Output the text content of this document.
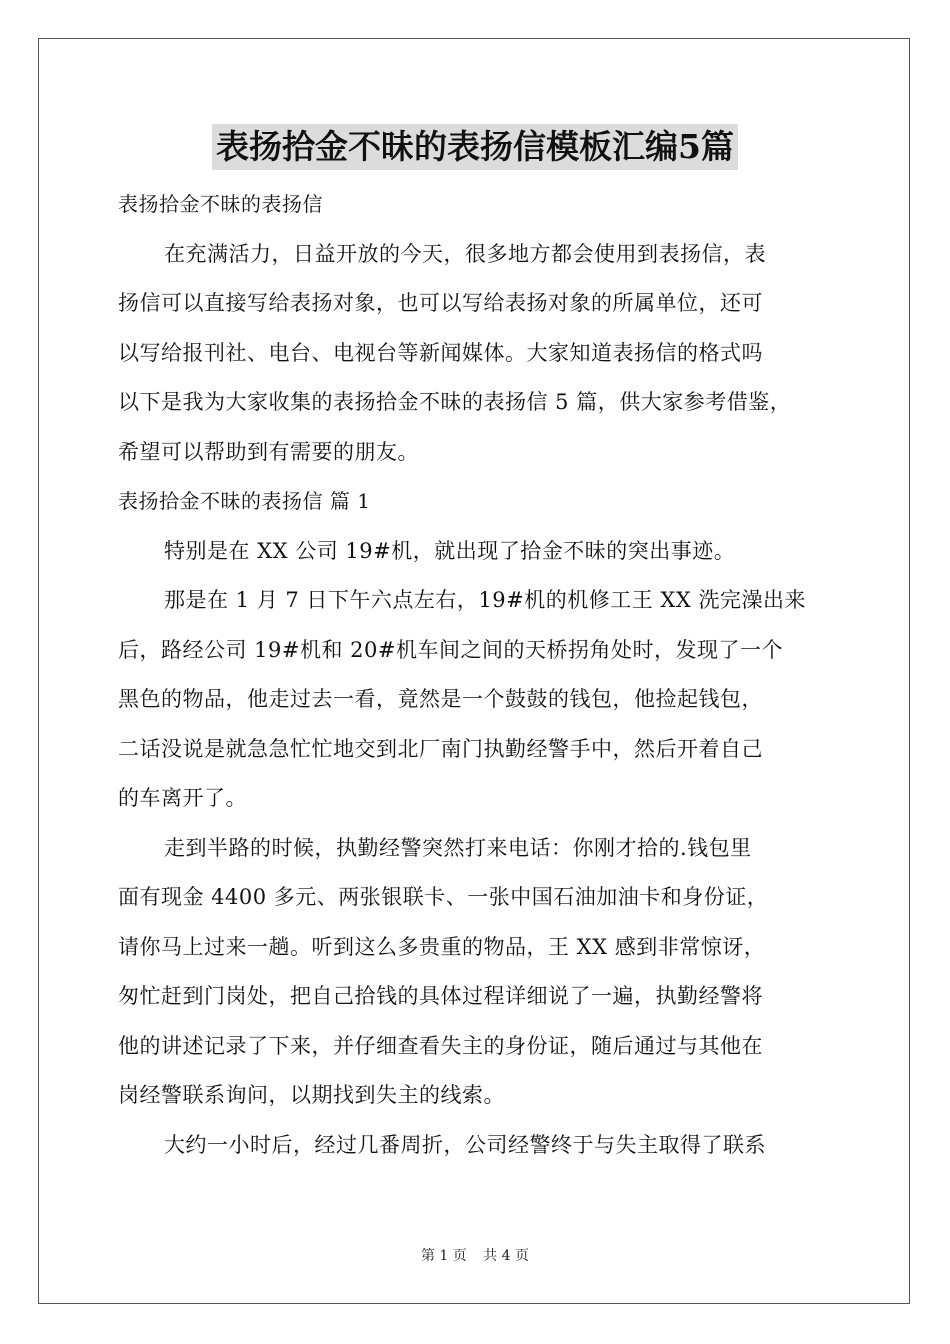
表扬拾金不昧的表扬信模板汇编5篇
表扬拾金不昧的表扬信
在充满活力，日益开放的今天，很多地方都会使用到表扬信，表
扬信可以直接写给表扬对象，也可以写给表扬对象的所属单位，还可
以写给报刊社、电台、电视台等新闻媒体。大家知道表扬信的格式吗
以下是我为大家收集的表扬拾金不昧的表扬信 5 篇，供大家参考借鉴，
希望可以帮助到有需要的朋友。
表扬拾金不昧的表扬信 篇 1
特别是在 XX 公司 19#机，就出现了拾金不昧的突出事迹。
那是在 1 月 7 日下午六点左右，19#机的机修工王 XX 洗完澡出来
后，路经公司 19#机和 20#机车间之间的天桥拐角处时，发现了一个
黑色的物品，他走过去一看，竟然是一个鼓鼓的钱包，他捡起钱包，
二话没说是就急急忙忙地交到北厂南门执勤经警手中，然后开着自己
的车离开了。
走到半路的时候，执勤经警突然打来电话：你刚才拾的.钱包里
面有现金 4400 多元、两张银联卡、一张中国石油加油卡和身份证，
请你马上过来一趟。听到这么多贵重的物品，王 XX 感到非常惊讶，
匆忙赶到门岗处，把自己拾钱的具体过程详细说了一遍，执勤经警将
他的讲述记录了下来，并仔细查看失主的身份证，随后通过与其他在
岗经警联系询问，以期找到失主的线索。
大约一小时后，经过几番周折，公司经警终于与失主取得了联系
第 1 页 共 4 页
